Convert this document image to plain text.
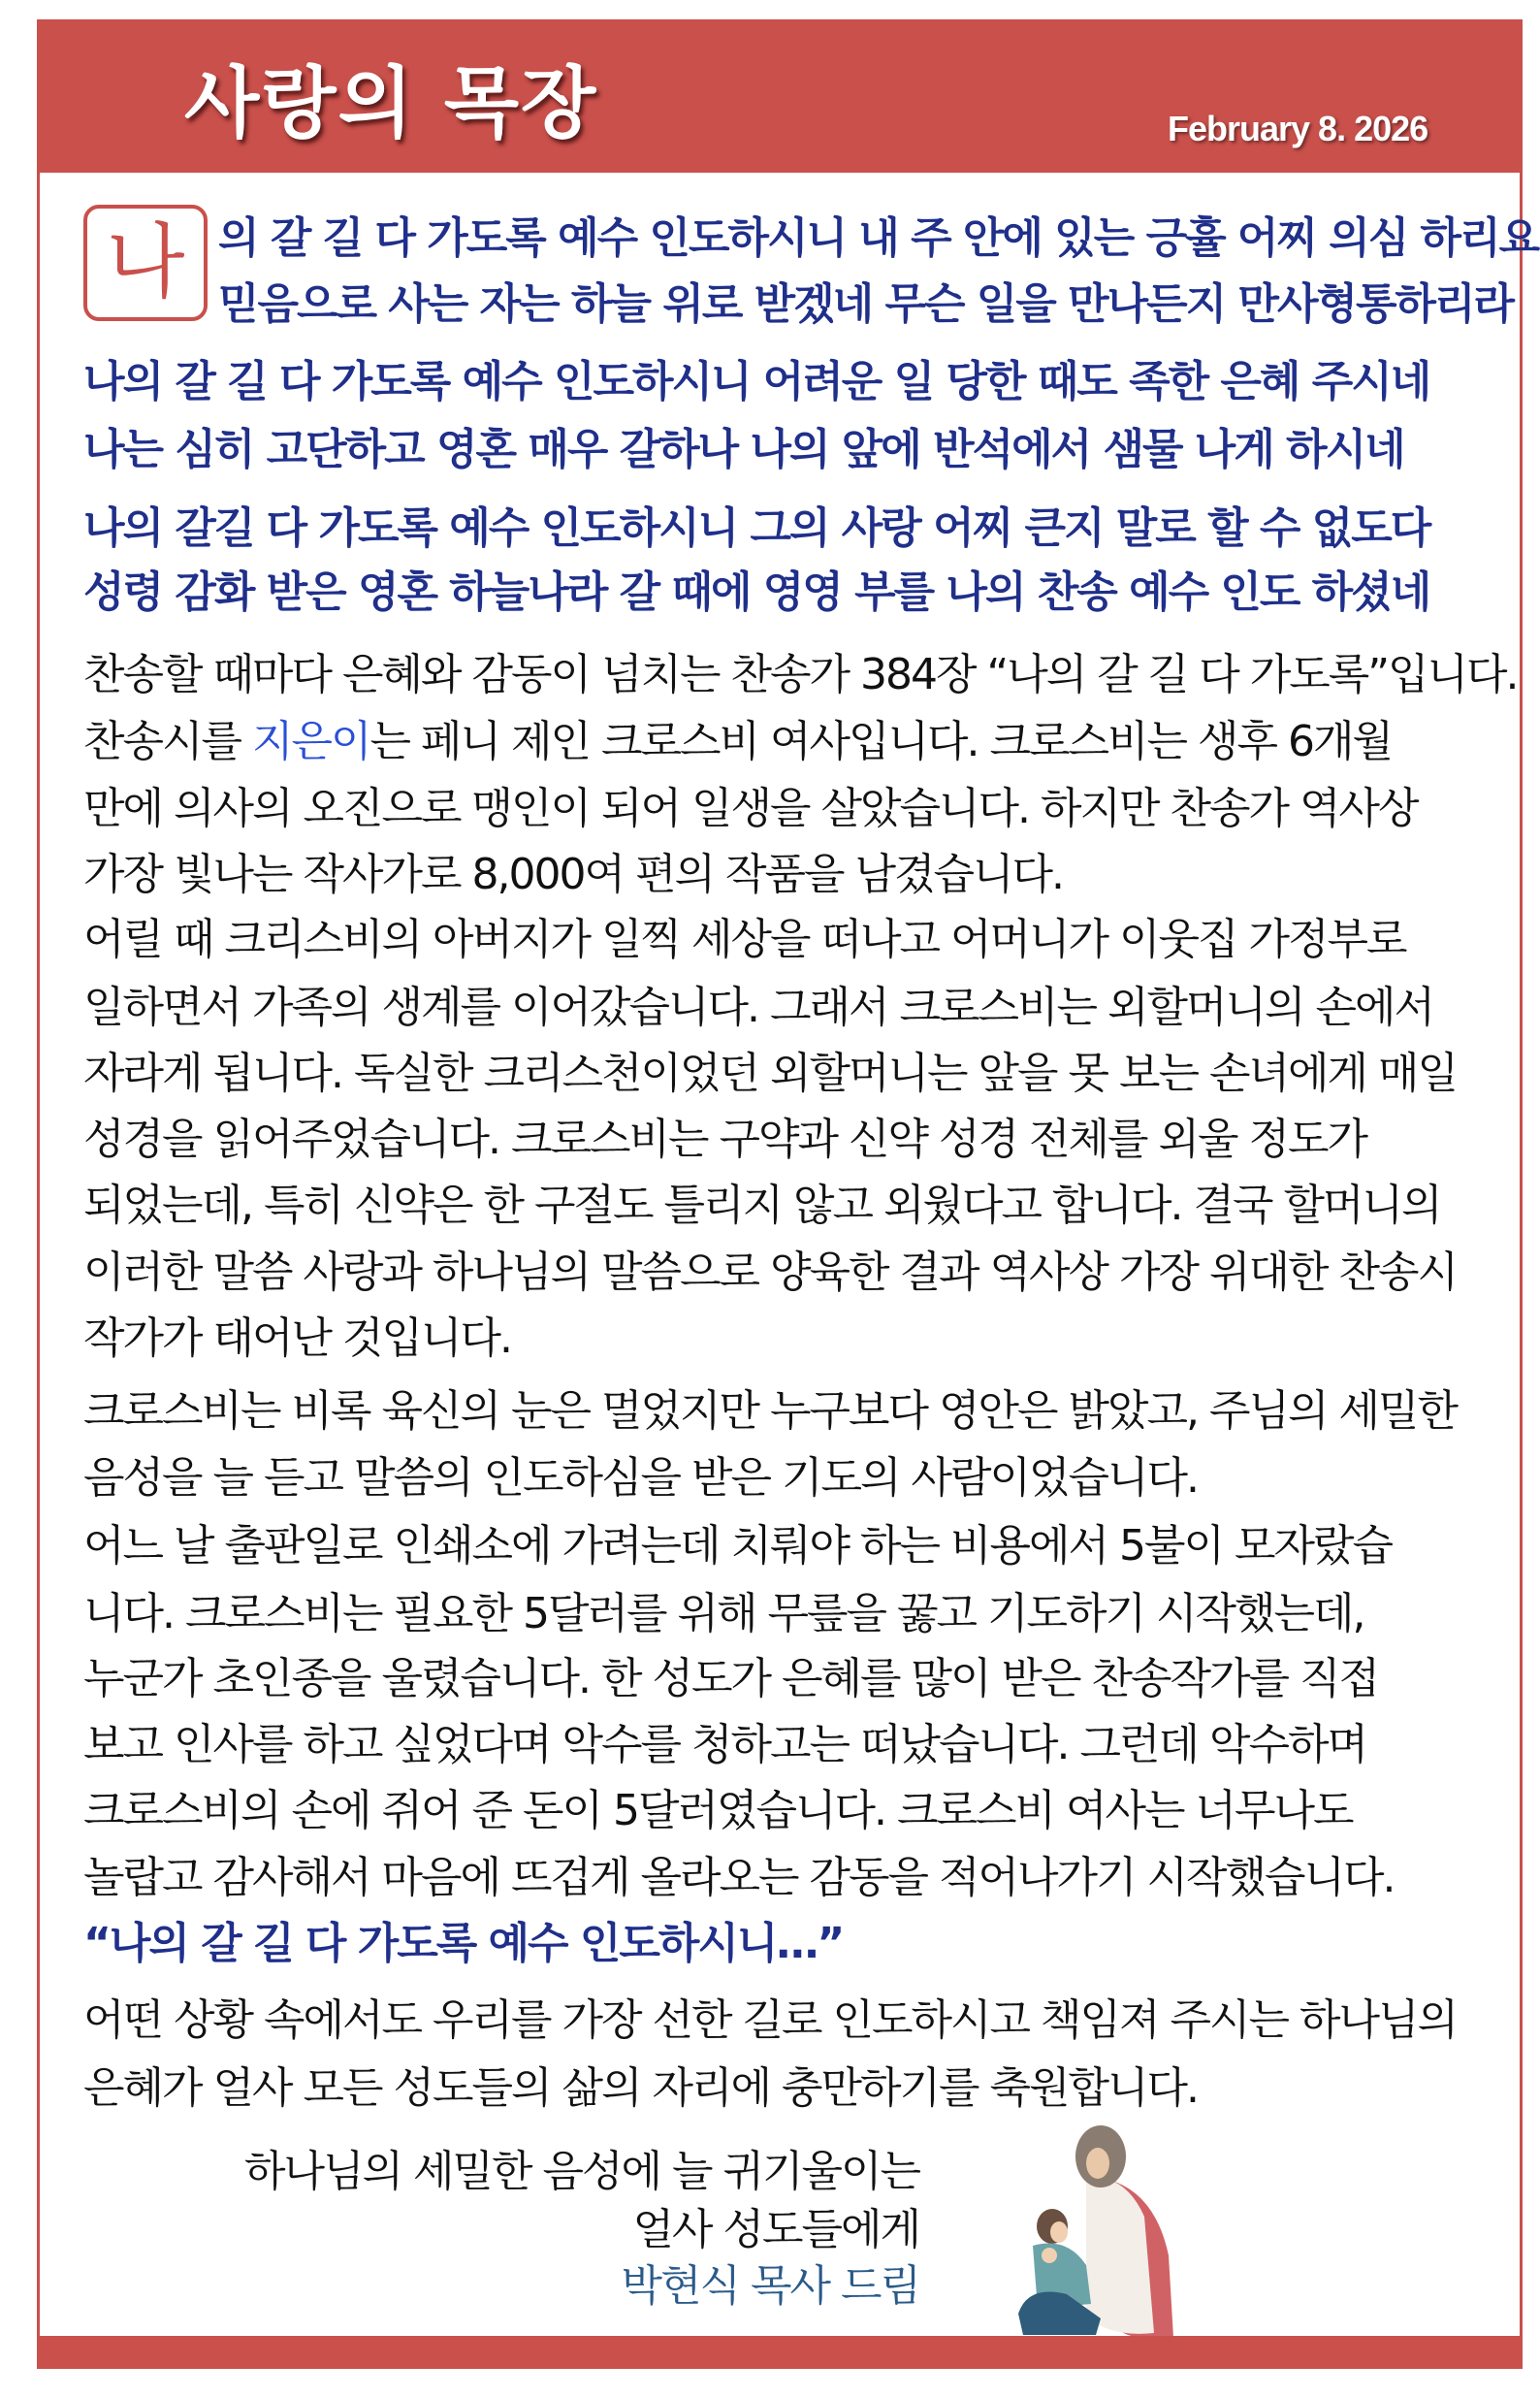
사랑의 목장	February 8. 2026
나 의 갈 길 다 가도록 예수 인도하시니 내 주 안에 있는 긍휼 어찌 의심 하리요
믿음으로 사는 자는 하늘 위로 받겠네 무슨 일을 만나든지 만사형통하리라
나의 갈 길 다 가도록 예수 인도하시니 어려운 일 당한 때도 족한 은혜 주시네
나는 심히 고단하고 영혼 매우 갈하나 나의 앞에 반석에서 샘물 나게 하시네
나의 갈길 다 가도록 예수 인도하시니 그의 사랑 어찌 큰지 말로 할 수 없도다
성령 감화 받은 영혼 하늘나라 갈 때에 영영 부를 나의 찬송 예수 인도 하셨네
찬송할 때마다 은혜와 감동이 넘치는 찬송가 384장 “나의 갈 길 다 가도록”입니다.
찬송시를 지은이는 페니 제인 크로스비 여사입니다. 크로스비는 생후 6개월
만에 의사의 오진으로 맹인이 되어 일생을 살았습니다. 하지만 찬송가 역사상
가장 빛나는 작사가로 8,000여 편의 작품을 남겼습니다.
어릴 때 크리스비의 아버지가 일찍 세상을 떠나고 어머니가 이웃집 가정부로
일하면서 가족의 생계를 이어갔습니다. 그래서 크로스비는 외할머니의 손에서
자라게 됩니다. 독실한 크리스천이었던 외할머니는 앞을 못 보는 손녀에게 매일
성경을 읽어주었습니다. 크로스비는 구약과 신약 성경 전체를 외울 정도가
되었는데, 특히 신약은 한 구절도 틀리지 않고 외웠다고 합니다. 결국 할머니의
이러한 말씀 사랑과 하나님의 말씀으로 양육한 결과 역사상 가장 위대한 찬송시
작가가 태어난 것입니다.
크로스비는 비록 육신의 눈은 멀었지만 누구보다 영안은 밝았고, 주님의 세밀한
음성을 늘 듣고 말씀의 인도하심을 받은 기도의 사람이었습니다.
어느 날 출판일로 인쇄소에 가려는데 치뤄야 하는 비용에서 5불이 모자랐습
니다. 크로스비는 필요한 5달러를 위해 무릎을 꿇고 기도하기 시작했는데,
누군가 초인종을 울렸습니다. 한 성도가 은혜를 많이 받은 찬송작가를 직접
보고 인사를 하고 싶었다며 악수를 청하고는 떠났습니다. 그런데 악수하며
크로스비의 손에 쥐어 준 돈이 5달러였습니다. 크로스비 여사는 너무나도
놀랍고 감사해서 마음에 뜨겁게 올라오는 감동을 적어나가기 시작했습니다.
“나의 갈 길 다 가도록 예수 인도하시니…”
어떤 상황 속에서도 우리를 가장 선한 길로 인도하시고 책임져 주시는 하나님의
은혜가 얼사 모든 성도들의 삶의 자리에 충만하기를 축원합니다.
하나님의 세밀한 음성에 늘 귀기울이는
얼사 성도들에게
박현식 목사 드림
